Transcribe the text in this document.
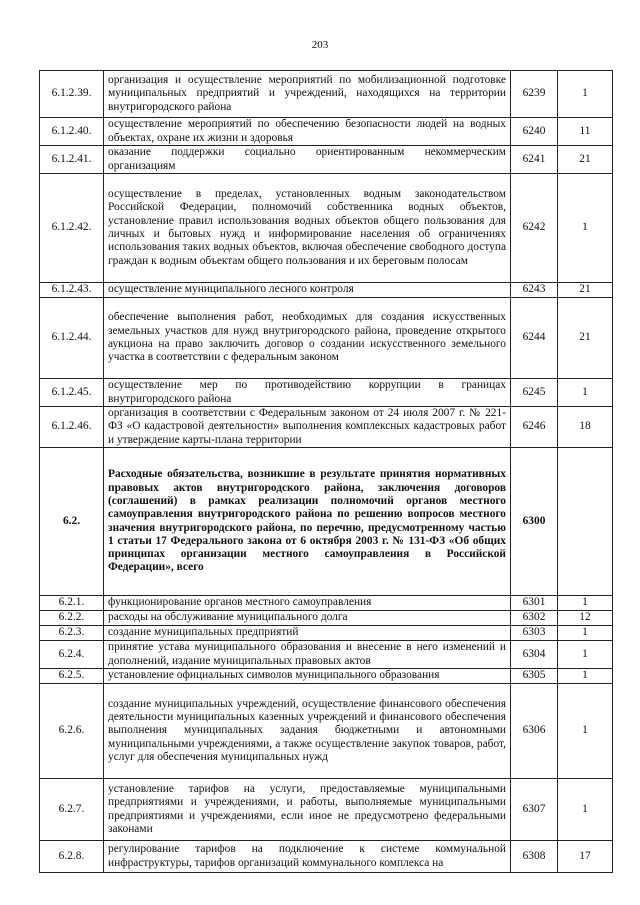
203
6.1.2.39.	организация и осуществление мероприятий по мобилизационной подготовке муниципальных предприятий и учреждений, находящихся на территории внутригородского района	6239	1
6.1.2.40.	осуществление мероприятий по обеспечению безопасности людей на водных объектах, охране их жизни и здоровья	6240	11
6.1.2.41.	оказание поддержки социально ориентированным некоммерческим организациям	6241	21
6.1.2.42.	осуществление в пределах, установленных водным законодательством Российской Федерации, полномочий собственника водных объектов, установление правил использования водных объектов общего пользования для личных и бытовых нужд и информирование населения об ограничениях использования таких водных объектов, включая обеспечение свободного доступа граждан к водным объектам общего пользования и их береговым полосам	6242	1
6.1.2.43.	осуществление муниципального лесного контроля	6243	21
6.1.2.44.	обеспечение выполнения работ, необходимых для создания искусственных земельных участков для нужд внутригородского района, проведение открытого аукциона на право заключить договор о создании искусственного земельного участка в соответствии с федеральным законом	6244	21
6.1.2.45.	осуществление мер по противодействию коррупции в границах внутригородского района	6245	1
6.1.2.46.	организация в соответствии с Федеральным законом от 24 июля 2007 г. № 221-ФЗ «О кадастровой деятельности» выполнения комплексных кадастровых работ и утверждение карты-плана территории	6246	18
6.2.	Расходные обязательства, возникшие в результате принятия нормативных правовых актов внутригородского района, заключения договоров (соглашений) в рамках реализации полномочий органов местного самоуправления внутригородского района по решению вопросов местного значения внутригородского района, по перечню, предусмотренному частью 1 статьи 17 Федерального закона от 6 октября 2003 г. № 131-ФЗ «Об общих принципах организации местного самоуправления в Российской Федерации», всего	6300	
6.2.1.	функционирование органов местного самоуправления	6301	1
6.2.2.	расходы на обслуживание муниципального долга	6302	12
6.2.3.	создание муниципальных предприятий	6303	1
6.2.4.	принятие устава муниципального образования и внесение в него изменений и дополнений, издание муниципальных правовых актов	6304	1
6.2.5.	установление официальных символов муниципального образования	6305	1
6.2.6.	создание муниципальных учреждений, осуществление финансового обеспечения деятельности муниципальных казенных учреждений и финансового обеспечения выполнения муниципальных задания бюджетными и автономными муниципальными учреждениями, а также осуществление закупок товаров, работ, услуг для обеспечения муниципальных нужд	6306	1
6.2.7.	установление тарифов на услуги, предоставляемые муниципальными предприятиями и учреждениями, и работы, выполняемые муниципальными предприятиями и учреждениями, если иное не предусмотрено федеральными законами	6307	1
6.2.8.	регулирование тарифов на подключение к системе коммунальной инфраструктуры, тарифов организаций коммунального комплекса на	6308	17
